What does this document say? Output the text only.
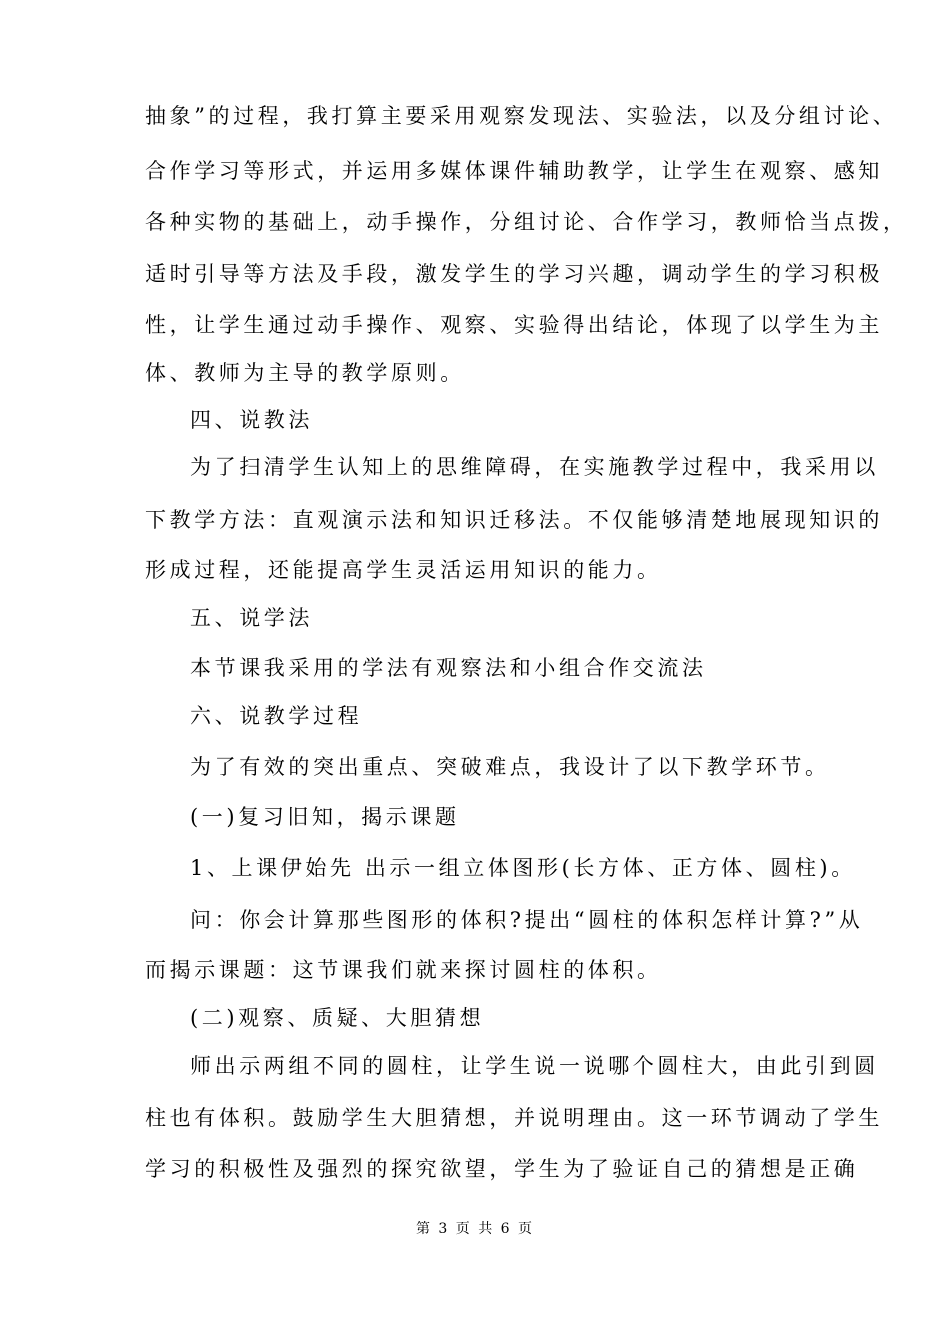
抽象”的过程，我打算主要采用观察发现法、实验法，以及分组讨论、
合作学习等形式，并运用多媒体课件辅助教学，让学生在观察、感知
各种实物的基础上，动手操作，分组讨论、合作学习，教师恰当点拨，
适时引导等方法及手段，激发学生的学习兴趣，调动学生的学习积极
性，让学生通过动手操作、观察、实验得出结论，体现了以学生为主
体、教师为主导的教学原则。
四、说教法
为了扫清学生认知上的思维障碍，在实施教学过程中，我采用以
下教学方法：直观演示法和知识迁移法。不仅能够清楚地展现知识的
形成过程，还能提高学生灵活运用知识的能力。
五、说学法
本节课我采用的学法有观察法和小组合作交流法
六、说教学过程
为了有效的突出重点、突破难点，我设计了以下教学环节。
(一)复习旧知，揭示课题
1、上课伊始先 出示一组立体图形(长方体、正方体、圆柱)。
问：你会计算那些图形的体积?提出“圆柱的体积怎样计算?”从
而揭示课题：这节课我们就来探讨圆柱的体积。
(二)观察、质疑、大胆猜想
师出示两组不同的圆柱，让学生说一说哪个圆柱大，由此引到圆
柱也有体积。鼓励学生大胆猜想，并说明理由。这一环节调动了学生
学习的积极性及强烈的探究欲望，学生为了验证自己的猜想是正确
第 3 页 共 6 页
